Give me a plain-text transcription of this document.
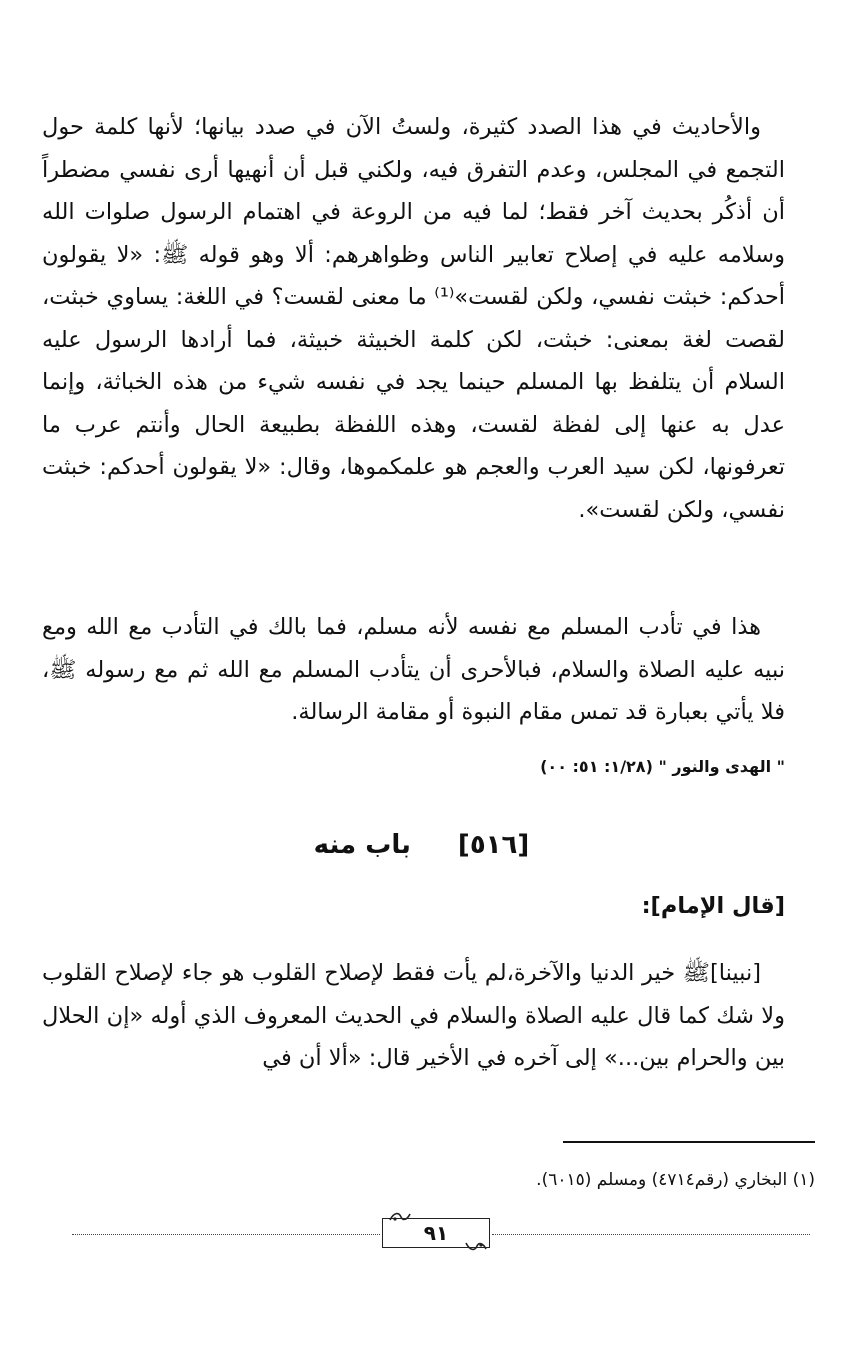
والأحاديث في هذا الصدد كثيرة، ولستُ الآن في صدد بيانها؛ لأنها كلمة حول التجمع في المجلس، وعدم التفرق فيه، ولكني قبل أن أنهيها أرى نفسي مضطراً أن أذكُر بحديث آخر فقط؛ لما فيه من الروعة في اهتمام الرسول صلوات الله وسلامه عليه في إصلاح تعابير الناس وظواهرهم: ألا وهو قوله ﷺ: «لا يقولون أحدكم: خبثت نفسي، ولكن لقست»⁽¹⁾ ما معنى لقست؟ في اللغة: يساوي خبثت، لقصت لغة بمعنى: خبثت، لكن كلمة الخبيثة خبيثة، فما أرادها الرسول عليه السلام أن يتلفظ بها المسلم حينما يجد في نفسه شيء من هذه الخباثة، وإنما عدل به عنها إلى لفظة لقست، وهذه اللفظة بطبيعة الحال وأنتم عرب ما تعرفونها، لكن سيد العرب والعجم هو علمكموها، وقال: «لا يقولون أحدكم: خبثت نفسي، ولكن لقست».

هذا في تأدب المسلم مع نفسه لأنه مسلم، فما بالك في التأدب مع الله ومع نبيه عليه الصلاة والسلام، فبالأحرى أن يتأدب المسلم مع الله ثم مع رسوله ﷺ، فلا يأتي بعبارة قد تمس مقام النبوة أو مقامة الرسالة.

" الهدى والنور " (١/٢٨: ٥١: ٠٠)
[٥١٦] باب منه
[قال الإمام]:

[نبينا]ﷺ خير الدنيا والآخرة،لم يأت فقط لإصلاح القلوب هو جاء لإصلاح القلوب ولا شك كما قال عليه الصلاة والسلام في الحديث المعروف الذي أوله «إن الحلال بين والحرام بين...» إلى آخره في الأخير قال: «ألا أن في

(١) البخاري (رقم٤٧١٤) ومسلم (٦٠١٥).
٩١
